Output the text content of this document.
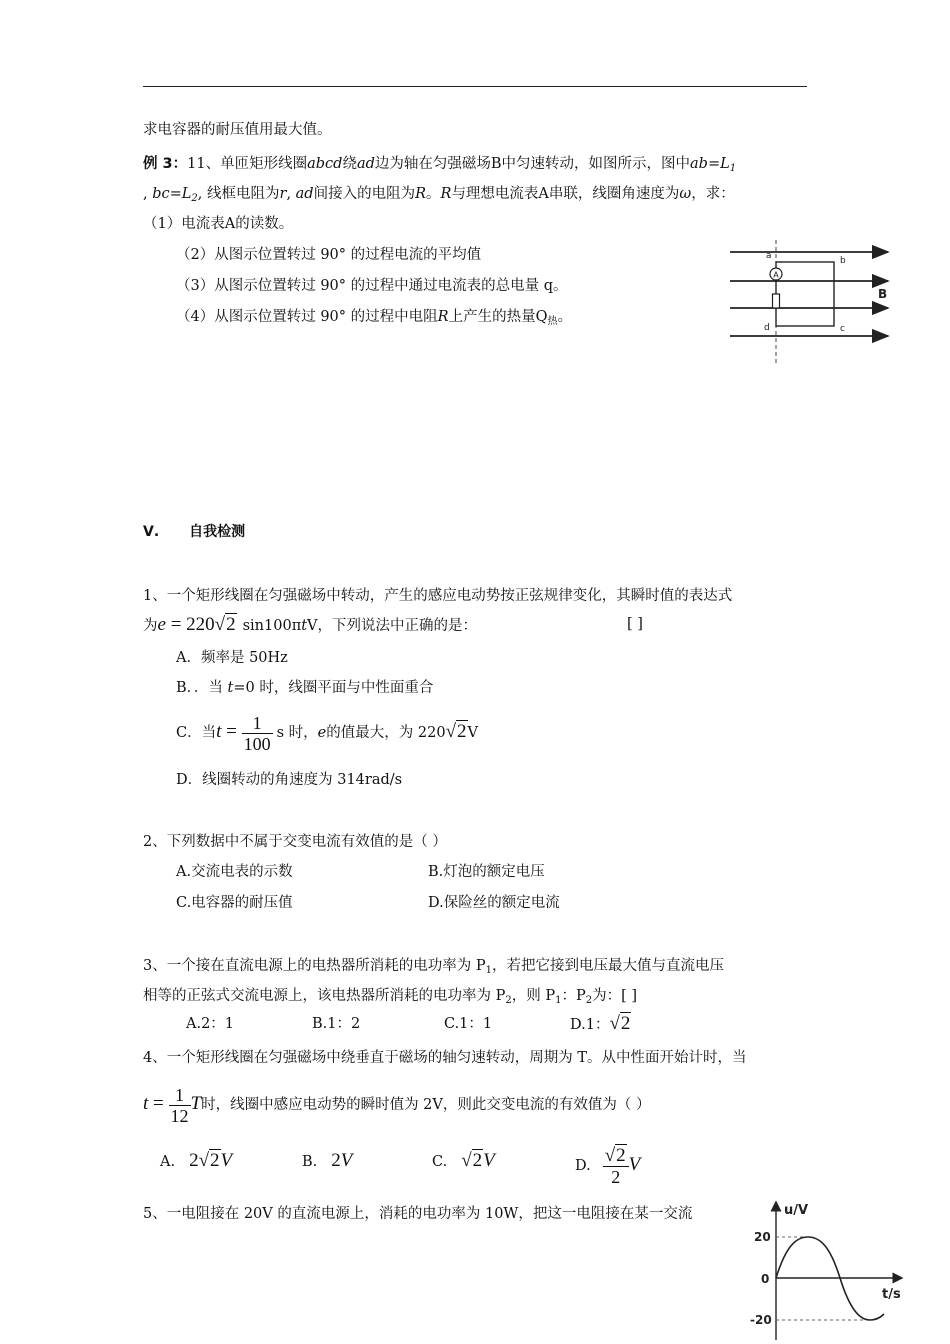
求电容器的耐压值用最大值。
例 3：11、单匝矩形线圈abcd绕ad边为轴在匀强磁场B中匀速转动，如图所示，图中$ab=L_1$
, $bc=L_2$, 线框电阻为r, ad间接入的电阻为R。R与理想电流表A串联，线圈角速度为ω，求：
（1）电流表A的读数。
（2）从图示位置转过 90° 的过程电流的平均值
（3）从图示位置转过 90° 的过程中通过电流表的总电量 q。
（4）从图示位置转过 90° 的过程中电阻R上产生的热量$Q_热$。
A
a	b
c
d
B
Ⅴ. 自我检测
1、一个矩形线圈在匀强磁场中转动，产生的感应电动势按正弦规律变化，其瞬时值的表达式
为e = 220√2 sin100πtV，下列说法中正确的是：	[ ]
A．频率是 50Hz
B．．当 t=0 时，线圈平面与中性面重合
C．当$t = \frac{1}{100}$ s 时，e的值最大，为 220√2V
D．线圈转动的角速度为 314rad/s
2、下列数据中不属于交变电流有效值的是（ ）
A.交流电表的示数	B.灯泡的额定电压
C.电容器的耐压值	D.保险丝的额定电流
3、一个接在直流电源上的电热器所消耗的电功率为 $P_1$，若把它接到电压最大值与直流电压
相等的正弦式交流电源上，该电热器所消耗的电功率为 $P_2$，则 $P_1$：$P_2$为：[ ]
A.2：1	B.1：2	C.1：1	D.1：√2
4、一个矩形线圈在匀强磁场中绕垂直于磁场的轴匀速转动，周期为 T。从中性面开始计时，当
$t = \frac{1}{12}$ T时，线圈中感应电动势的瞬时值为 2V，则此交变电流的有效值为（ ）
A. 2√2V	B. 2V	C. √2V	D. $\frac{√2}{2}$ V
5、一电阻接在 20V 的直流电源上，消耗的电功率为 10W，把这一电阻接在某一交流	u/V
t/s
20
0
-20
